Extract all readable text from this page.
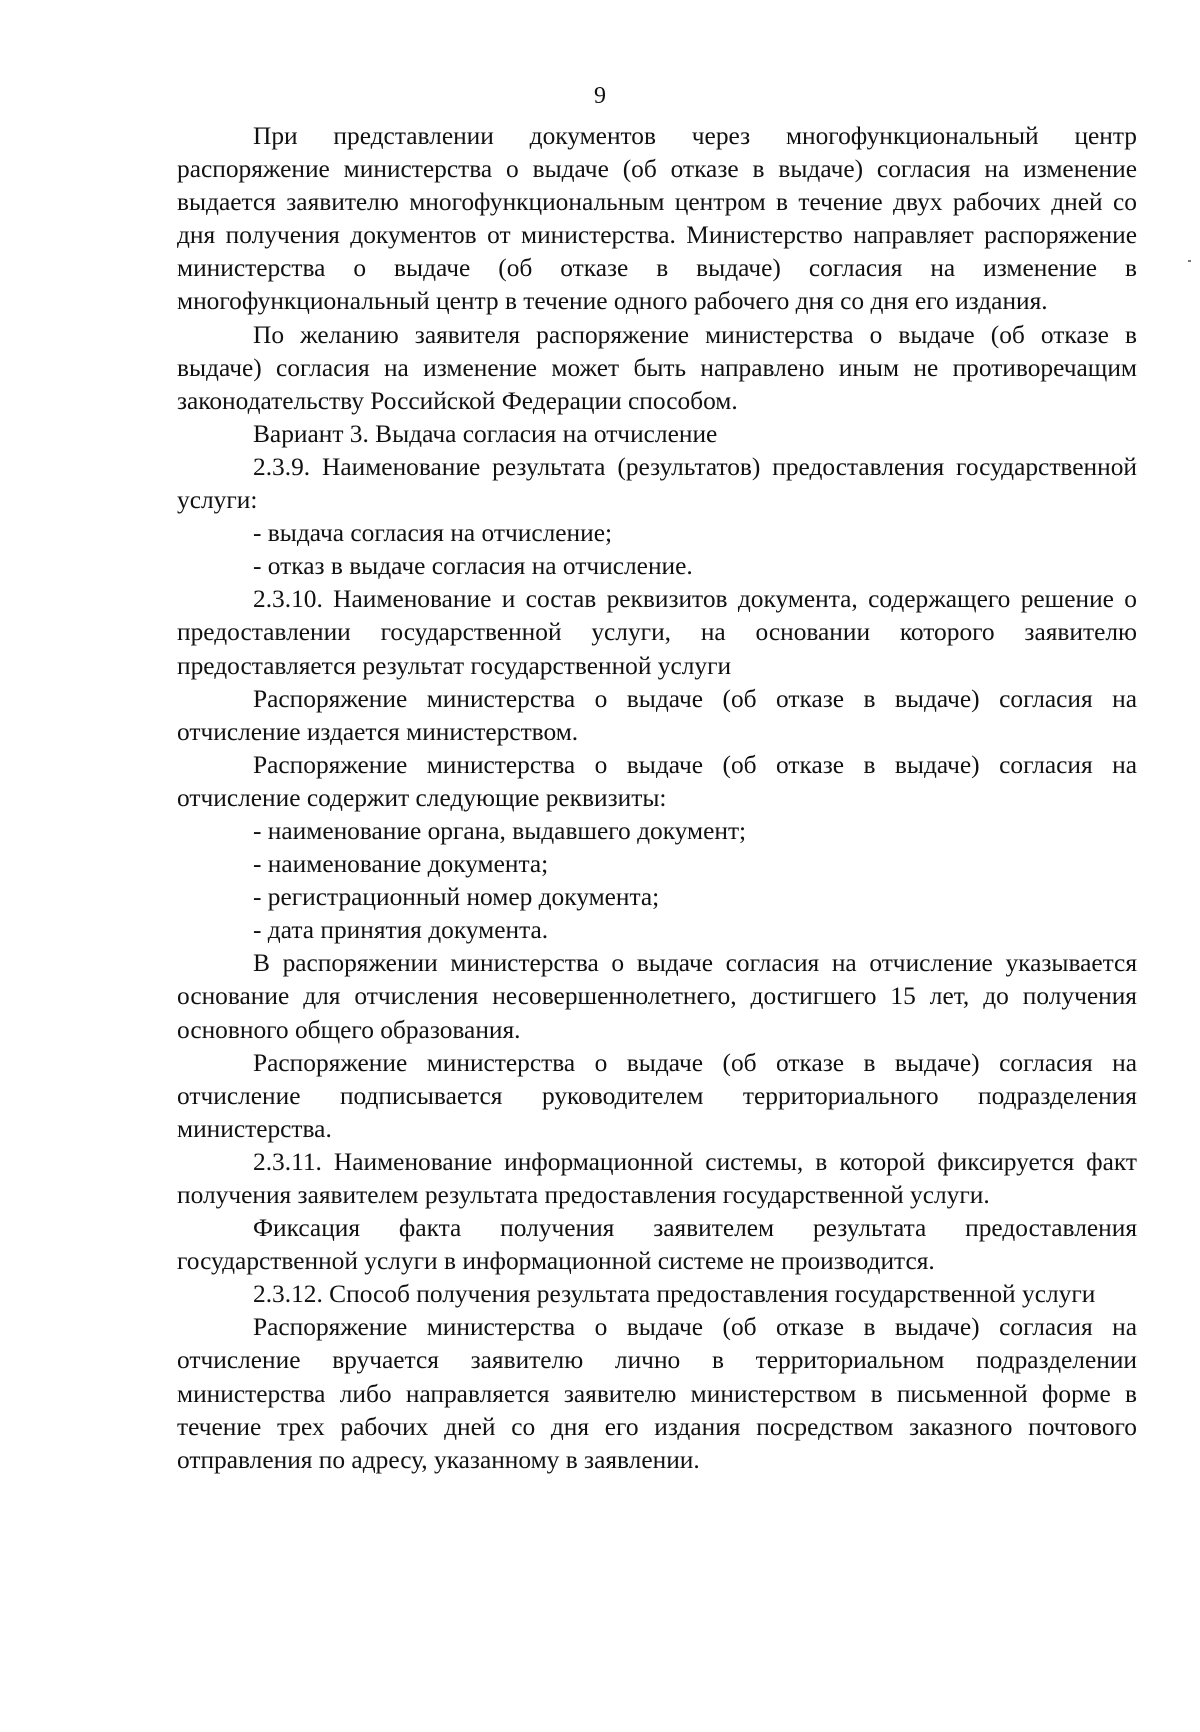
9

При представлении документов через многофункциональный центр распоряжение министерства о выдаче (об отказе в выдаче) согласия на изменение выдается заявителю многофункциональным центром в течение двух рабочих дней со дня получения документов от министерства. Министерство направляет распоряжение министерства о выдаче (об отказе в выдаче) согласия на изменение в многофункциональный центр в течение одного рабочего дня со дня его издания.

По желанию заявителя распоряжение министерства о выдаче (об отказе в выдаче) согласия на изменение может быть направлено иным не противоречащим законодательству Российской Федерации способом.

Вариант 3. Выдача согласия на отчисление

2.3.9. Наименование результата (результатов) предоставления государственной услуги:

- выдача согласия на отчисление;

- отказ в выдаче согласия на отчисление.

2.3.10. Наименование и состав реквизитов документа, содержащего решение о предоставлении государственной услуги, на основании которого заявителю предоставляется результат государственной услуги

Распоряжение министерства о выдаче (об отказе в выдаче) согласия на отчисление издается министерством.

Распоряжение министерства о выдаче (об отказе в выдаче) согласия на отчисление содержит следующие реквизиты:

- наименование органа, выдавшего документ;

- наименование документа;

- регистрационный номер документа;

- дата принятия документа.

В распоряжении министерства о выдаче согласия на отчисление указывается основание для отчисления несовершеннолетнего, достигшего 15 лет, до получения основного общего образования.

Распоряжение министерства о выдаче (об отказе в выдаче) согласия на отчисление подписывается руководителем территориального подразделения министерства.

2.3.11. Наименование информационной системы, в которой фиксируется факт получения заявителем результата предоставления государственной услуги.

Фиксация факта получения заявителем результата предоставления государственной услуги в информационной системе не производится.

2.3.12. Способ получения результата предоставления государственной услуги

Распоряжение министерства о выдаче (об отказе в выдаче) согласия на отчисление вручается заявителю лично в территориальном подразделении министерства либо направляется заявителю министерством в письменной форме в течение трех рабочих дней со дня его издания посредством заказного почтового отправления по адресу, указанному в заявлении.
